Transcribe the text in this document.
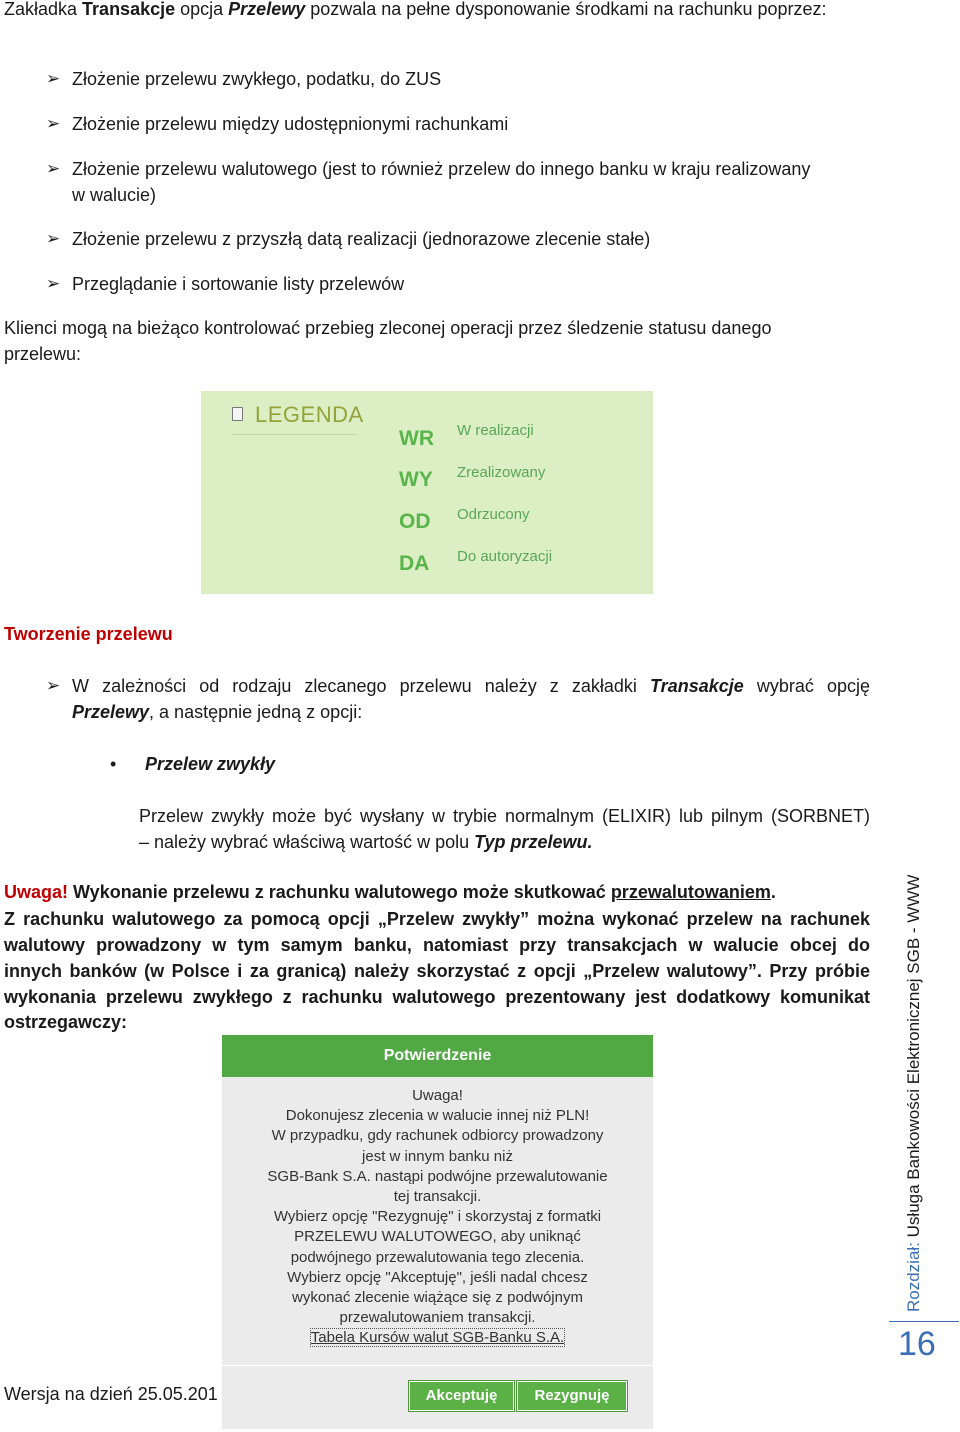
Zakładka Transakcje opcja Przelewy pozwala na pełne dysponowanie środkami na rachunku poprzez:
➢ Złożenie przelewu zwykłego, podatku, do ZUS
➢ Złożenie przelewu między udostępnionymi rachunkami
➢ Złożenie przelewu walutowego (jest to również przelew do innego banku w kraju realizowany
w walucie)
➢ Złożenie przelewu z przyszłą datą realizacji (jednorazowe zlecenie stałe)
➢ Przeglądanie i sortowanie listy przelewów
Klienci mogą na bieżąco kontrolować przebieg zleconej operacji przez śledzenie statusu danego
przelewu:
LEGENDA
WR W realizacji
WY Zrealizowany
OD Odrzucony
DA Do autoryzacji
Tworzenie przelewu
➢ W zależności od rodzaju zlecanego przelewu należy z zakładki Transakcje wybrać opcję
Przelewy, a następnie jedną z opcji:
• Przelew zwykły
Przelew zwykły może być wysłany w trybie normalnym (ELIXIR) lub pilnym (SORBNET)
– należy wybrać właściwą wartość w polu Typ przelewu.
Uwaga! Wykonanie przelewu z rachunku walutowego może skutkować przewalutowaniem.
Z rachunku walutowego za pomocą opcji „Przelew zwykły” można wykonać przelew na rachunek
walutowy prowadzony w tym samym banku, natomiast przy transakcjach w walucie obcej do
innych banków (w Polsce i za granicą) należy skorzystać z opcji „Przelew walutowy”. Przy próbie
wykonania przelewu zwykłego z rachunku walutowego prezentowany jest dodatkowy komunikat
ostrzegawczy:
Wersja na dzień 25.05.201
Potwierdzenie
Uwaga!
Dokonujesz zlecenia w walucie innej niż PLN!
W przypadku, gdy rachunek odbiorcy prowadzony
jest w innym banku niż
SGB-Bank S.A. nastąpi podwójne przewalutowanie
tej transakcji.
Wybierz opcję "Rezygnuję" i skorzystaj z formatki
PRZELEWU WALUTOWEGO, aby uniknąć
podwójnego przewalutowania tego zlecenia.
Wybierz opcję "Akceptuję", jeśli nadal chcesz
wykonać zlecenie wiążące się z podwójnym
przewalutowaniem transakcji.
Tabela Kursów walut SGB-Banku S.A.
Akceptuję	Rezygnuję
Rozdział: Usługa Bankowości Elektronicznej SGB - WWW
16
